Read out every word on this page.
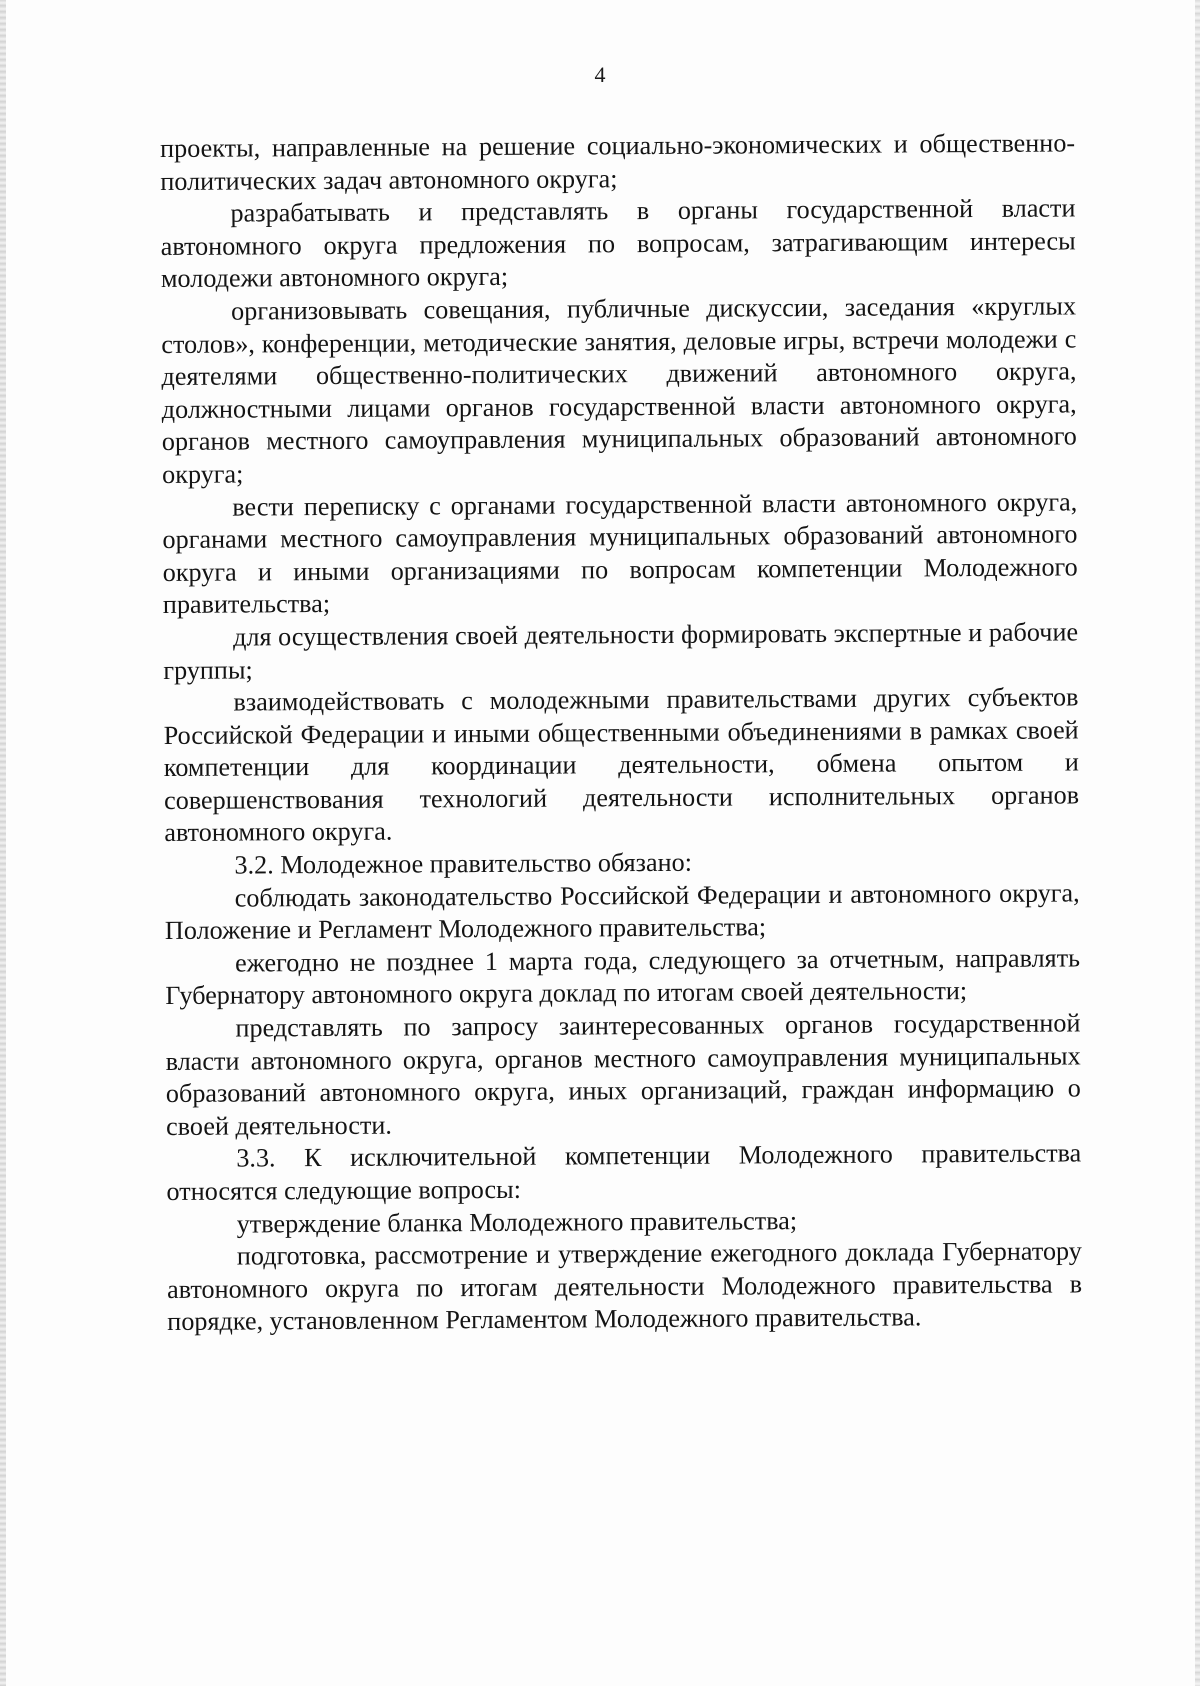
4

проекты, направленные на решение социально-экономических и общественно-политических задач автономного округа;

разрабатывать и представлять в органы государственной власти автономного округа предложения по вопросам, затрагивающим интересы молодежи автономного округа;

организовывать совещания, публичные дискуссии, заседания «круглых столов», конференции, методические занятия, деловые игры, встречи молодежи с деятелями общественно-политических движений автономного округа, должностными лицами органов государственной власти автономного округа, органов местного самоуправления муниципальных образований автономного округа;

вести переписку с органами государственной власти автономного округа, органами местного самоуправления муниципальных образований автономного округа и иными организациями по вопросам компетенции Молодежного правительства;

для осуществления своей деятельности формировать экспертные и рабочие группы;

взаимодействовать с молодежными правительствами других субъектов Российской Федерации и иными общественными объединениями в рамках своей компетенции для координации деятельности, обмена опытом и совершенствования технологий деятельности исполнительных органов автономного округа.

3.2. Молодежное правительство обязано:

соблюдать законодательство Российской Федерации и автономного округа, Положение и Регламент Молодежного правительства;

ежегодно не позднее 1 марта года, следующего за отчетным, направлять Губернатору автономного округа доклад по итогам своей деятельности;

представлять по запросу заинтересованных органов государственной власти автономного округа, органов местного самоуправления муниципальных образований автономного округа, иных организаций, граждан информацию о своей деятельности.

3.3. К исключительной компетенции Молодежного правительства относятся следующие вопросы:

утверждение бланка Молодежного правительства;

подготовка, рассмотрение и утверждение ежегодного доклада Губернатору автономного округа по итогам деятельности Молодежного правительства в порядке, установленном Регламентом Молодежного правительства.
